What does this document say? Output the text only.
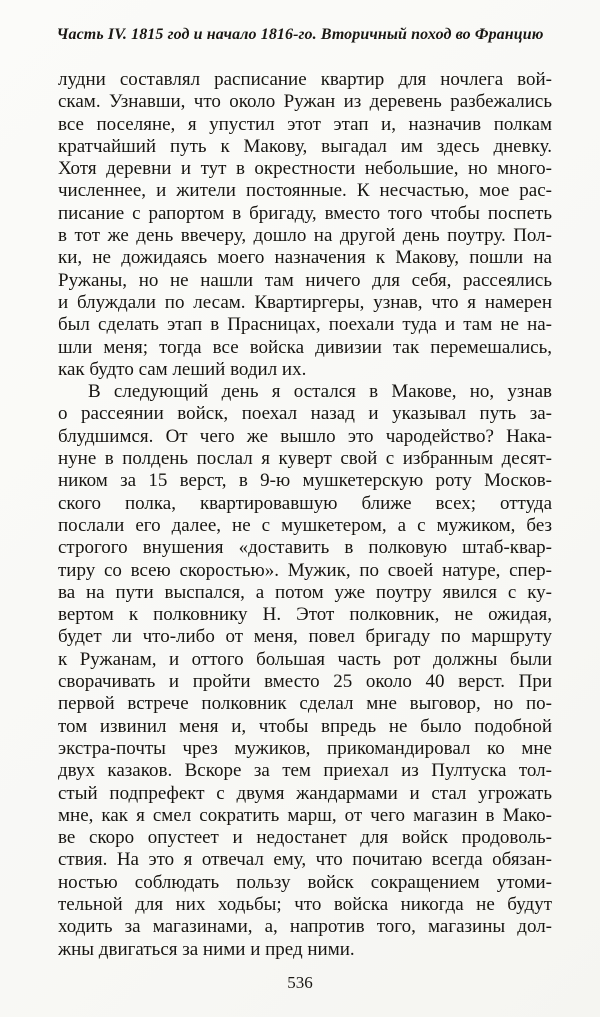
Часть IV. 1815 год и начало 1816-го. Вторичный поход во Францию
лудни составлял расписание квартир для ночлега вой-
скам. Узнавши, что около Ружан из деревень разбежались
все поселяне, я упустил этот этап и, назначив полкам
кратчайший путь к Макову, выгадал им здесь дневку.
Хотя деревни и тут в окрестности небольшие, но много-
численнее, и жители постоянные. К несчастью, мое рас-
писание с рапортом в бригаду, вместо того чтобы поспеть
в тот же день ввечеру, дошло на другой день поутру. Пол-
ки, не дожидаясь моего назначения к Макову, пошли на
Ружаны, но не нашли там ничего для себя, рассеялись
и блуждали по лесам. Квартиргеры, узнав, что я намерен
был сделать этап в Прасницах, поехали туда и там не на-
шли меня; тогда все войска дивизии так перемешались,
как будто сам леший водил их.
В следующий день я остался в Макове, но, узнав
о рассеянии войск, поехал назад и указывал путь за-
блудшимся. От чего же вышло это чародейство? Нака-
нуне в полдень послал я куверт свой с избранным десят-
ником за 15 верст, в 9-ю мушкетерскую роту Москов-
ского полка, квартировавшую ближе всех; оттуда
послали его далее, не с мушкетером, а с мужиком, без
строгого внушения «доставить в полковую штаб-квар-
тиру со всею скоростью». Мужик, по своей натуре, спер-
ва на пути выспался, а потом уже поутру явился с ку-
вертом к полковнику Н. Этот полковник, не ожидая,
будет ли что-либо от меня, повел бригаду по маршруту
к Ружанам, и оттого большая часть рот должны были
сворачивать и пройти вместо 25 около 40 верст. При
первой встрече полковник сделал мне выговор, но по-
том извинил меня и, чтобы впредь не было подобной
экстра-почты чрез мужиков, прикомандировал ко мне
двух казаков. Вскоре за тем приехал из Пултуска тол-
стый подпрефект с двумя жандармами и стал угрожать
мне, как я смел сократить марш, от чего магазин в Мако-
ве скоро опустеет и недостанет для войск продоволь-
ствия. На это я отвечал ему, что почитаю всегда обязан-
ностью соблюдать пользу войск сокращением утоми-
тельной для них ходьбы; что войска никогда не будут
ходить за магазинами, а, напротив того, магазины дол-
жны двигаться за ними и пред ними.
536
